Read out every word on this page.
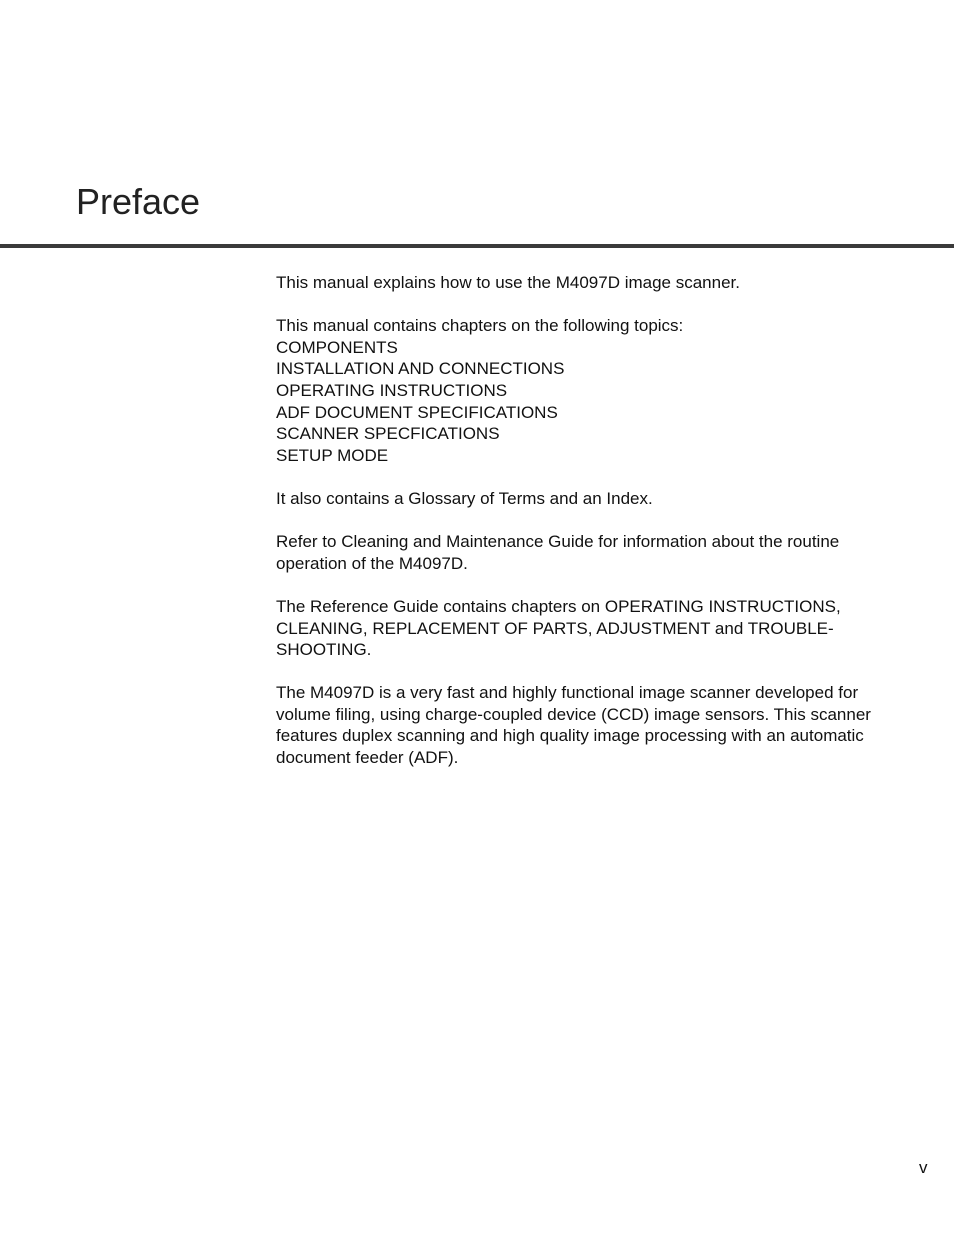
Preface

This manual explains how to use the M4097D image scanner.

This manual contains chapters on the following topics:

COMPONENTS
INSTALLATION AND CONNECTIONS
OPERATING INSTRUCTIONS
ADF DOCUMENT SPECIFICATIONS
SCANNER SPECFICATIONS
SETUP MODE

It also contains a Glossary of Terms and an Index.

Refer to Cleaning and Maintenance Guide for information about the routine operation of the M4097D.

The Reference Guide contains chapters on OPERATING INSTRUCTIONS, CLEANING, REPLACEMENT OF PARTS, ADJUSTMENT and TROUBLE-SHOOTING.

The M4097D is a very fast and highly functional image scanner developed for volume filing, using charge-coupled device (CCD) image sensors. This scanner features duplex scanning and high quality image processing with an automatic document feeder (ADF).

v
